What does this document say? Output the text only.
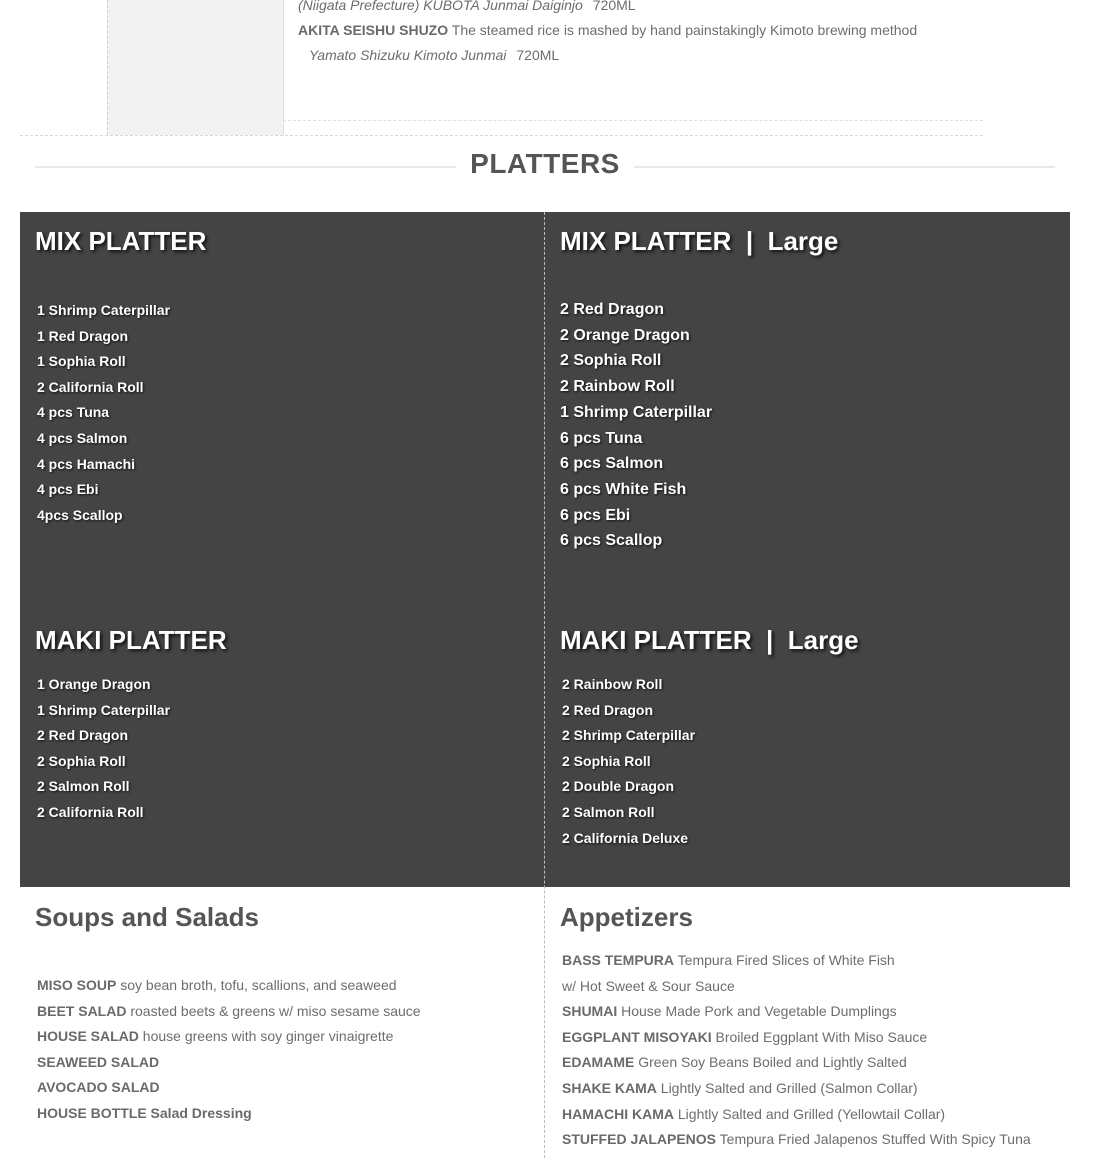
(Niigata Prefecture) KUBOTA Junmai Daiginjo 720ML
AKITA SEISHU SHUZO The steamed rice is mashed by hand painstakingly Kimoto brewing method
Yamato Shizuku Kimoto Junmai 720ML
PLATTERS
MIX PLATTER
1 Shrimp Caterpillar
1 Red Dragon
1 Sophia Roll
2 California Roll
4 pcs Tuna
4 pcs Salmon
4 pcs Hamachi
4 pcs Ebi
4pcs Scallop
MIX PLATTER  |  Large
2 Red Dragon
2 Orange Dragon
2 Sophia Roll
2 Rainbow Roll
1 Shrimp Caterpillar
6 pcs Tuna
6 pcs Salmon
6 pcs White Fish
6 pcs Ebi
6 pcs Scallop
MAKI PLATTER
1 Orange Dragon
1 Shrimp Caterpillar
2 Red Dragon
2 Sophia Roll
2 Salmon Roll
2 California Roll
MAKI PLATTER  |  Large
2 Rainbow Roll
2 Red Dragon
2 Shrimp Caterpillar
2 Sophia Roll
2 Double Dragon
2 Salmon Roll
2 California Deluxe
Soups and Salads
MISO SOUP soy bean broth, tofu, scallions, and seaweed
BEET SALAD roasted beets & greens w/ miso sesame sauce
HOUSE SALAD house greens with soy ginger vinaigrette
SEAWEED SALAD
AVOCADO SALAD
HOUSE BOTTLE Salad Dressing
Appetizers
BASS TEMPURA Tempura Fired Slices of White Fish
w/ Hot Sweet & Sour Sauce
SHUMAI House Made Pork and Vegetable Dumplings
EGGPLANT MISOYAKI Broiled Eggplant With Miso Sauce
EDAMAME Green Soy Beans Boiled and Lightly Salted
SHAKE KAMA Lightly Salted and Grilled (Salmon Collar)
HAMACHI KAMA Lightly Salted and Grilled (Yellowtail Collar)
STUFFED JALAPENOS Tempura Fried Jalapenos Stuffed With Spicy Tuna
